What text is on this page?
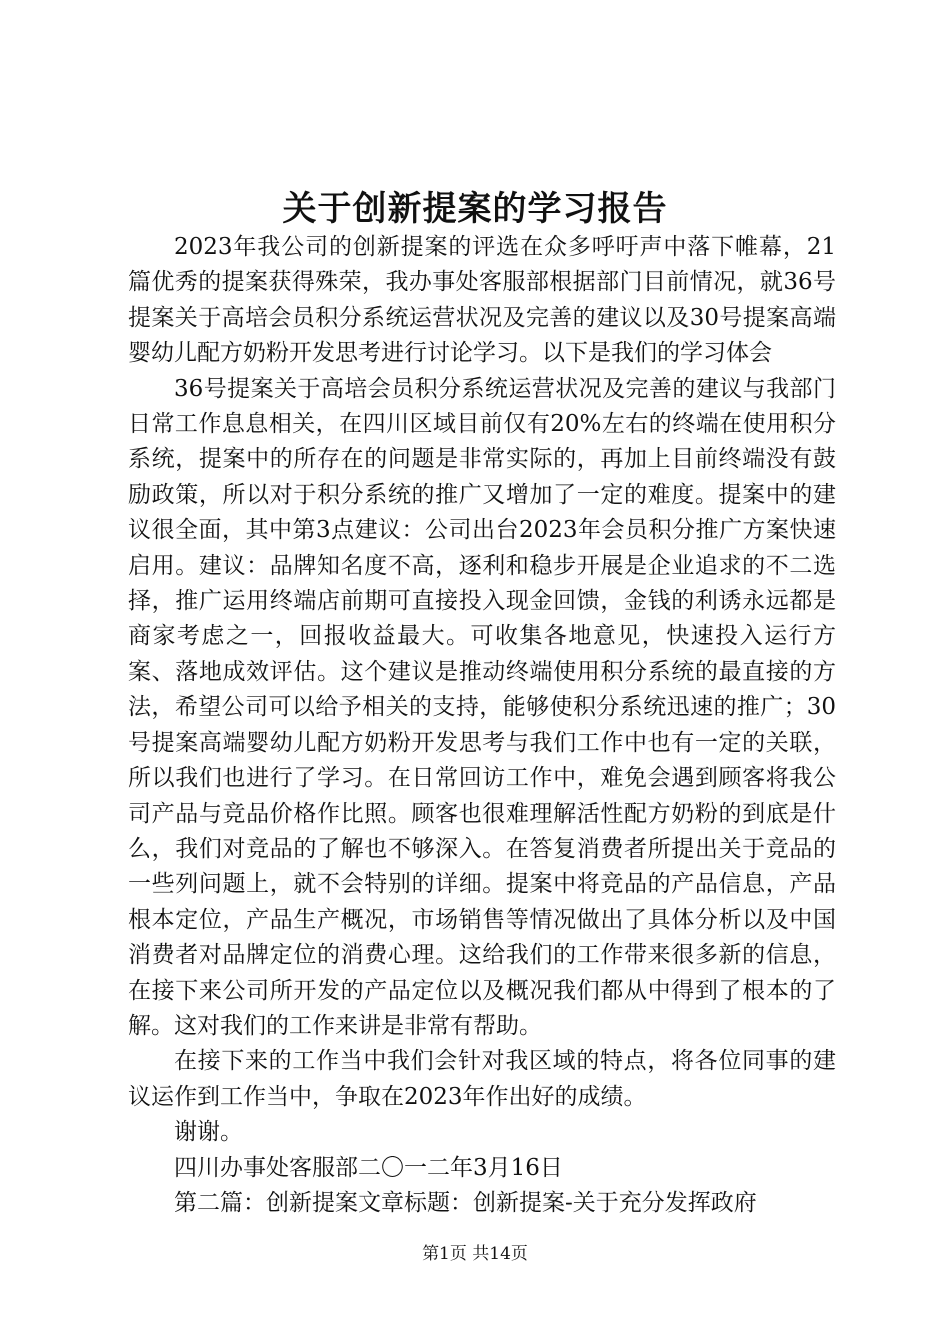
关于创新提案的学习报告

2023年我公司的创新提案的评选在众多呼吁声中落下帷幕，21篇优秀的提案获得殊荣，我办事处客服部根据部门目前情况，就36号提案关于高培会员积分系统运营状况及完善的建议以及30号提案高端婴幼儿配方奶粉开发思考进行讨论学习。以下是我们的学习体会

36号提案关于高培会员积分系统运营状况及完善的建议与我部门日常工作息息相关，在四川区域目前仅有20%左右的终端在使用积分系统，提案中的所存在的问题是非常实际的，再加上目前终端没有鼓励政策，所以对于积分系统的推广又增加了一定的难度。提案中的建议很全面，其中第3点建议：公司出台2023年会员积分推广方案快速启用。建议：品牌知名度不高，逐利和稳步开展是企业追求的不二选择，推广运用终端店前期可直接投入现金回馈，金钱的利诱永远都是商家考虑之一，回报收益最大。可收集各地意见，快速投入运行方案、落地成效评估。这个建议是推动终端使用积分系统的最直接的方法，希望公司可以给予相关的支持，能够使积分系统迅速的推广；30号提案高端婴幼儿配方奶粉开发思考与我们工作中也有一定的关联，所以我们也进行了学习。在日常回访工作中，难免会遇到顾客将我公司产品与竞品价格作比照。顾客也很难理解活性配方奶粉的到底是什么，我们对竞品的了解也不够深入。在答复消费者所提出关于竞品的一些列问题上，就不会特别的详细。提案中将竞品的产品信息，产品根本定位，产品生产概况，市场销售等情况做出了具体分析以及中国消费者对品牌定位的消费心理。这给我们的工作带来很多新的信息，在接下来公司所开发的产品定位以及概况我们都从中得到了根本的了解。这对我们的工作来讲是非常有帮助。

在接下来的工作当中我们会针对我区域的特点，将各位同事的建议运作到工作当中，争取在2023年作出好的成绩。

谢谢。

四川办事处客服部二〇一二年3月16日

第二篇：创新提案文章标题：创新提案-关于充分发挥政府

第1页 共14页
